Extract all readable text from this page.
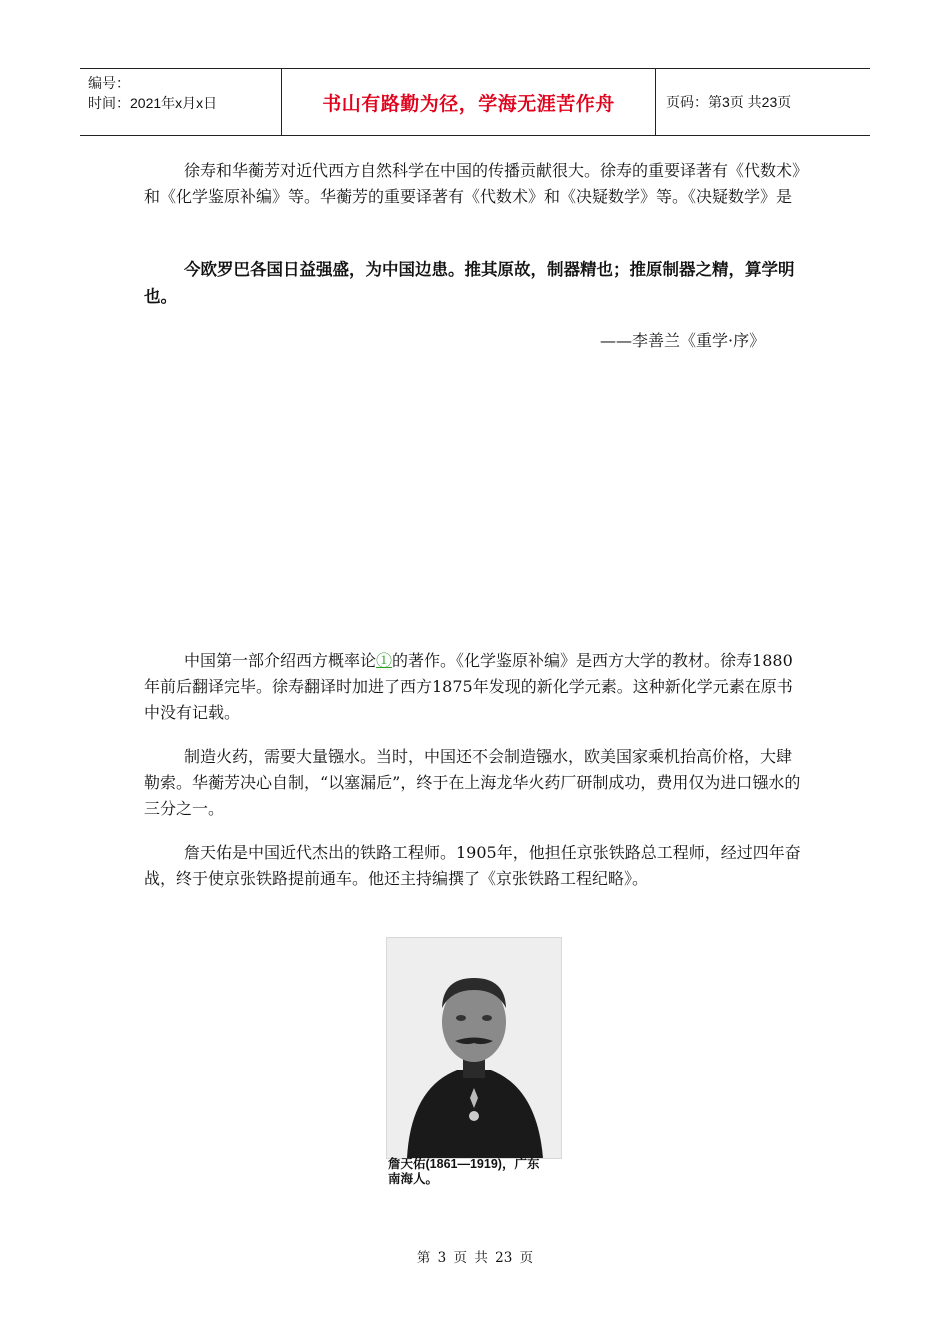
编号：
时间：2021年x月x日	书山有路勤为径，学海无涯苦作舟	页码：第3页 共23页

徐寿和华蘅芳对近代西方自然科学在中国的传播贡献很大。徐寿的重要译著有《代数术》和《化学鉴原补编》等。华蘅芳的重要译著有《代数术》和《决疑数学》等。《决疑数学》是

今欧罗巴各国日益强盛，为中国边患。推其原故，制器精也；推原制器之精，算学明也。

——李善兰《重学·序》

中国第一部介绍西方概率论①的著作。《化学鉴原补编》是西方大学的教材。徐寿1880年前后翻译完毕。徐寿翻译时加进了西方1875年发现的新化学元素。这种新化学元素在原书中没有记载。

制造火药，需要大量镪水。当时，中国还不会制造镪水，欧美国家乘机抬高价格，大肆勒索。华蘅芳决心自制，“以塞漏卮”，终于在上海龙华火药厂研制成功，费用仅为进口镪水的三分之一。

詹天佑是中国近代杰出的铁路工程师。1905年，他担任京张铁路总工程师，经过四年奋战，终于使京张铁路提前通车。他还主持编撰了《京张铁路工程纪略》。

詹天佑(1861—1919)，广东
南海人。
第 3 页 共 23 页
